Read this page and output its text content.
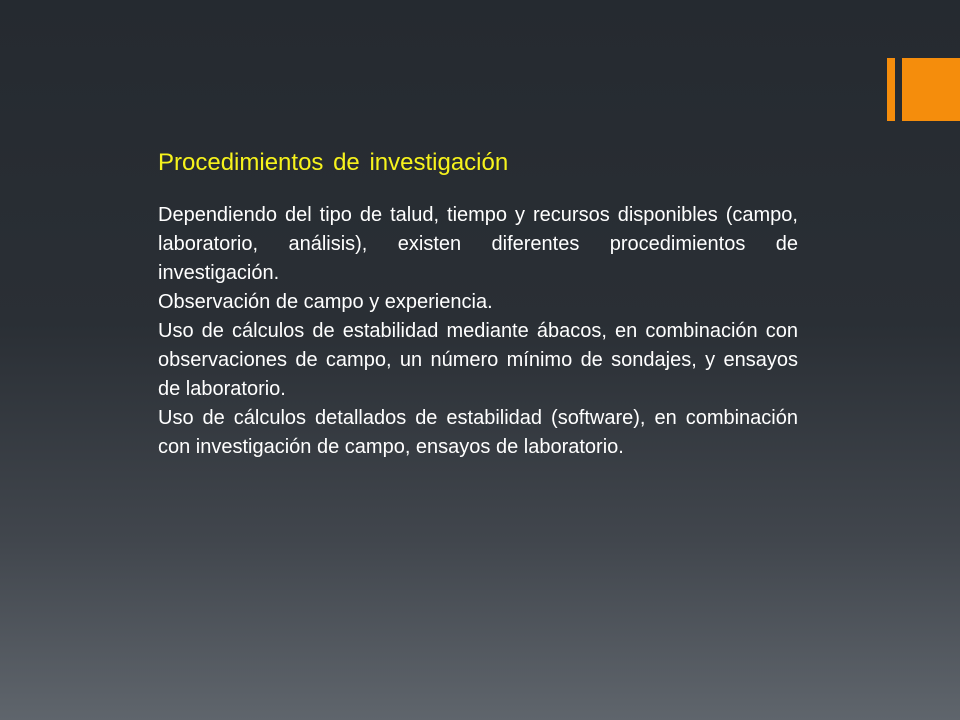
Procedimientos de investigación

Dependiendo del tipo de talud, tiempo y recursos disponibles (campo, laboratorio, análisis), existen diferentes procedimientos de investigación.

Observación de campo y experiencia.

Uso de cálculos de estabilidad mediante ábacos, en combinación con observaciones de campo, un número mínimo de sondajes, y ensayos de laboratorio.

Uso de cálculos detallados de estabilidad (software), en combinación con investigación de campo, ensayos de laboratorio.
